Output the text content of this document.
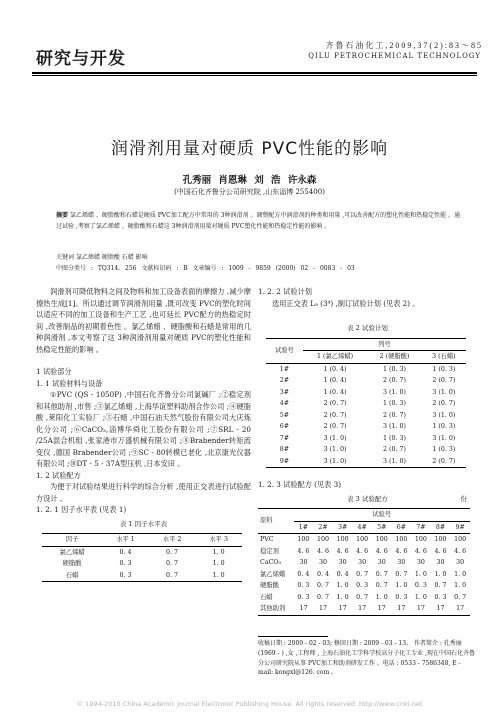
研究与开发
齐 鲁 石 油 化 工 , 2 0 0 9 , 3 7 ( 2 ) : 8 3 ～ 8 5
QILU PETROCHEMICAL TECHNOLOGY
润滑剂用量对硬质 PVC性能的影响
孔秀丽 肖恩琳 刘 浩 许永森
(中国石化齐鲁分公司研究院 ,山东淄博 255400)
摘要 氯乙烯蜡 、硬脂酸和石蜡是硬质 PVC加工配方中常用的 3种润滑剂 。调整配方中润滑剂的种类和用量 ,可以改善配方的塑化性能和热稳定性能 。通过试验 ,考察了氯乙烯蜡 、硬脂酸和石蜡这 3种润滑剂用量对硬质 PVC塑化性能和热稳定性能的影响 。
关键词 氯乙烯蜡 硬脂酸 石蜡 影响
中图分类号 : TQ314. 256 文献标识码 : B 文章编号 : 1009 - 9859 (2009) 02 - 0083 - 03

润滑剂可降低物料之间及物料和加工设备表面的摩擦力 ,减少摩擦热生成[1]。所以通过调节润滑剂用量 ,既可改变 PVC的塑化时间以适应不同的加工设备和生产工艺 ,也可延长 PVC配方的热稳定时间 ,改善制品的初期着色性 。氯乙烯蜡 、硬脂酸和石蜡是常用的几种润滑剂 ,本文考察了这 3种润滑剂用量对硬质 PVC的塑化性能和热稳定性能的影响 。

1 试验部分

1. 1 试验材料与设备

①PVC (QS - 1050P) ,中国石化齐鲁分公司氯碱厂 ;②稳定剂和其他助剂 ,市售 ;③氯乙烯蜡 ,上海华谊塑料助剂合作公司 ;④硬脂酸 ,莱阳化工实验厂 ;⑤石蜡 ,中国石油天然气股份有限公司大庆炼化分公司 ;⑥CaCO₃,淄博华舜化工股份有限公司 ;⑦SRL - 20 /25A混合机组 ,张家港市万盛机械有限公司 ;⑧Brabender转矩流变仪 ,德国 Brabender公司 ;⑨SC - 80转模已老化 ,北京康光仪器有限公司 ;⑩DT - 5 - 37A型压机 ,日本安田 。

1. 2 试验配方

为便于对试验结果进行科学的综合分析 ,使用正交表进行试验配方设计 。

1. 2. 1 因子水平表 (见表 1)

表 1 因子水平表
因子	水平 1	水平 2	水平 3
氯乙烯蜡	0. 4	0. 7	1. 0
硬脂酸	0. 3	0. 7	1. 0
石蜡	0. 3	0. 7	1. 0

1. 2. 2 试验计划

选用正交表 L₉ (3⁴) ,制订试验计划 (见表 2) 。

表 2 试验计划
试验号	列号		
	1 (氯乙烯蜡)	2 (硬脂酸)	3 (石蜡)
1#	1 (0. 4)	1 (0. 3)	1 (0. 3)
2#	1 (0. 4)	2 (0. 7)	2 (0. 7)
3#	1 (0. 4)	3 (1. 0)	3 (1. 0)
4#	2 (0. 7)	1 (0. 3)	2 (0. 7)
5#	2 (0. 7)	2 (0. 7)	3 (1. 0)
6#	2 (0. 7)	3 (1. 0)	1 (0. 3)
7#	3 (1. 0)	1 (0. 3)	3 (1. 0)
8#	3 (1. 0)	2 (0. 7)	1 (0. 3)
9#	3 (1. 0)	3 (1. 0)	2 (0. 7)

1. 2. 3 试验配方 (见表 3)

表 3 试验配方	份
原料	试验号								
	1#	2#	3#	4#	5#	6#	7#	8#	9#
PVC	100	100	100	100	100	100	100	100	100
稳定剂	4. 6	4. 6	4. 6	4. 6	4. 6	4. 6	4. 6	4. 6	4. 6
CaCO₃	30	30	30	30	30	30	30	30	30
氯乙烯蜡	0. 4	0. 4	0. 4	0. 7	0. 7	0. 7	1. 0	1. 0	1. 0
硬脂酸	0. 3	0. 7	1. 0	0. 3	0. 7	1. 0	0. 3	0. 7	1. 0
石蜡	0. 3	0. 7	1. 0	0. 7	1. 0	0. 3	1. 0	0. 3	0. 7
其他助剂	17	17	17	17	17	17	17	17	17
收稿日期 : 2009 - 02 - 03; 修回日期 : 2009 - 03 - 13。 作者简介 : 孔秀丽 (1969 - ) ,女 ,工程师 , 上海石油化工学科学校高分子化工专业 ,现在中国石化齐鲁分公司研究院从事 PVC加工和助剂研发工作 。电话 : 0533 - 7586348, E - mail: kongxl@126. com 。
© 1994-2010 China Academic Journal Electronic Publishing House. All rights reserved. http://www.cnki.net
